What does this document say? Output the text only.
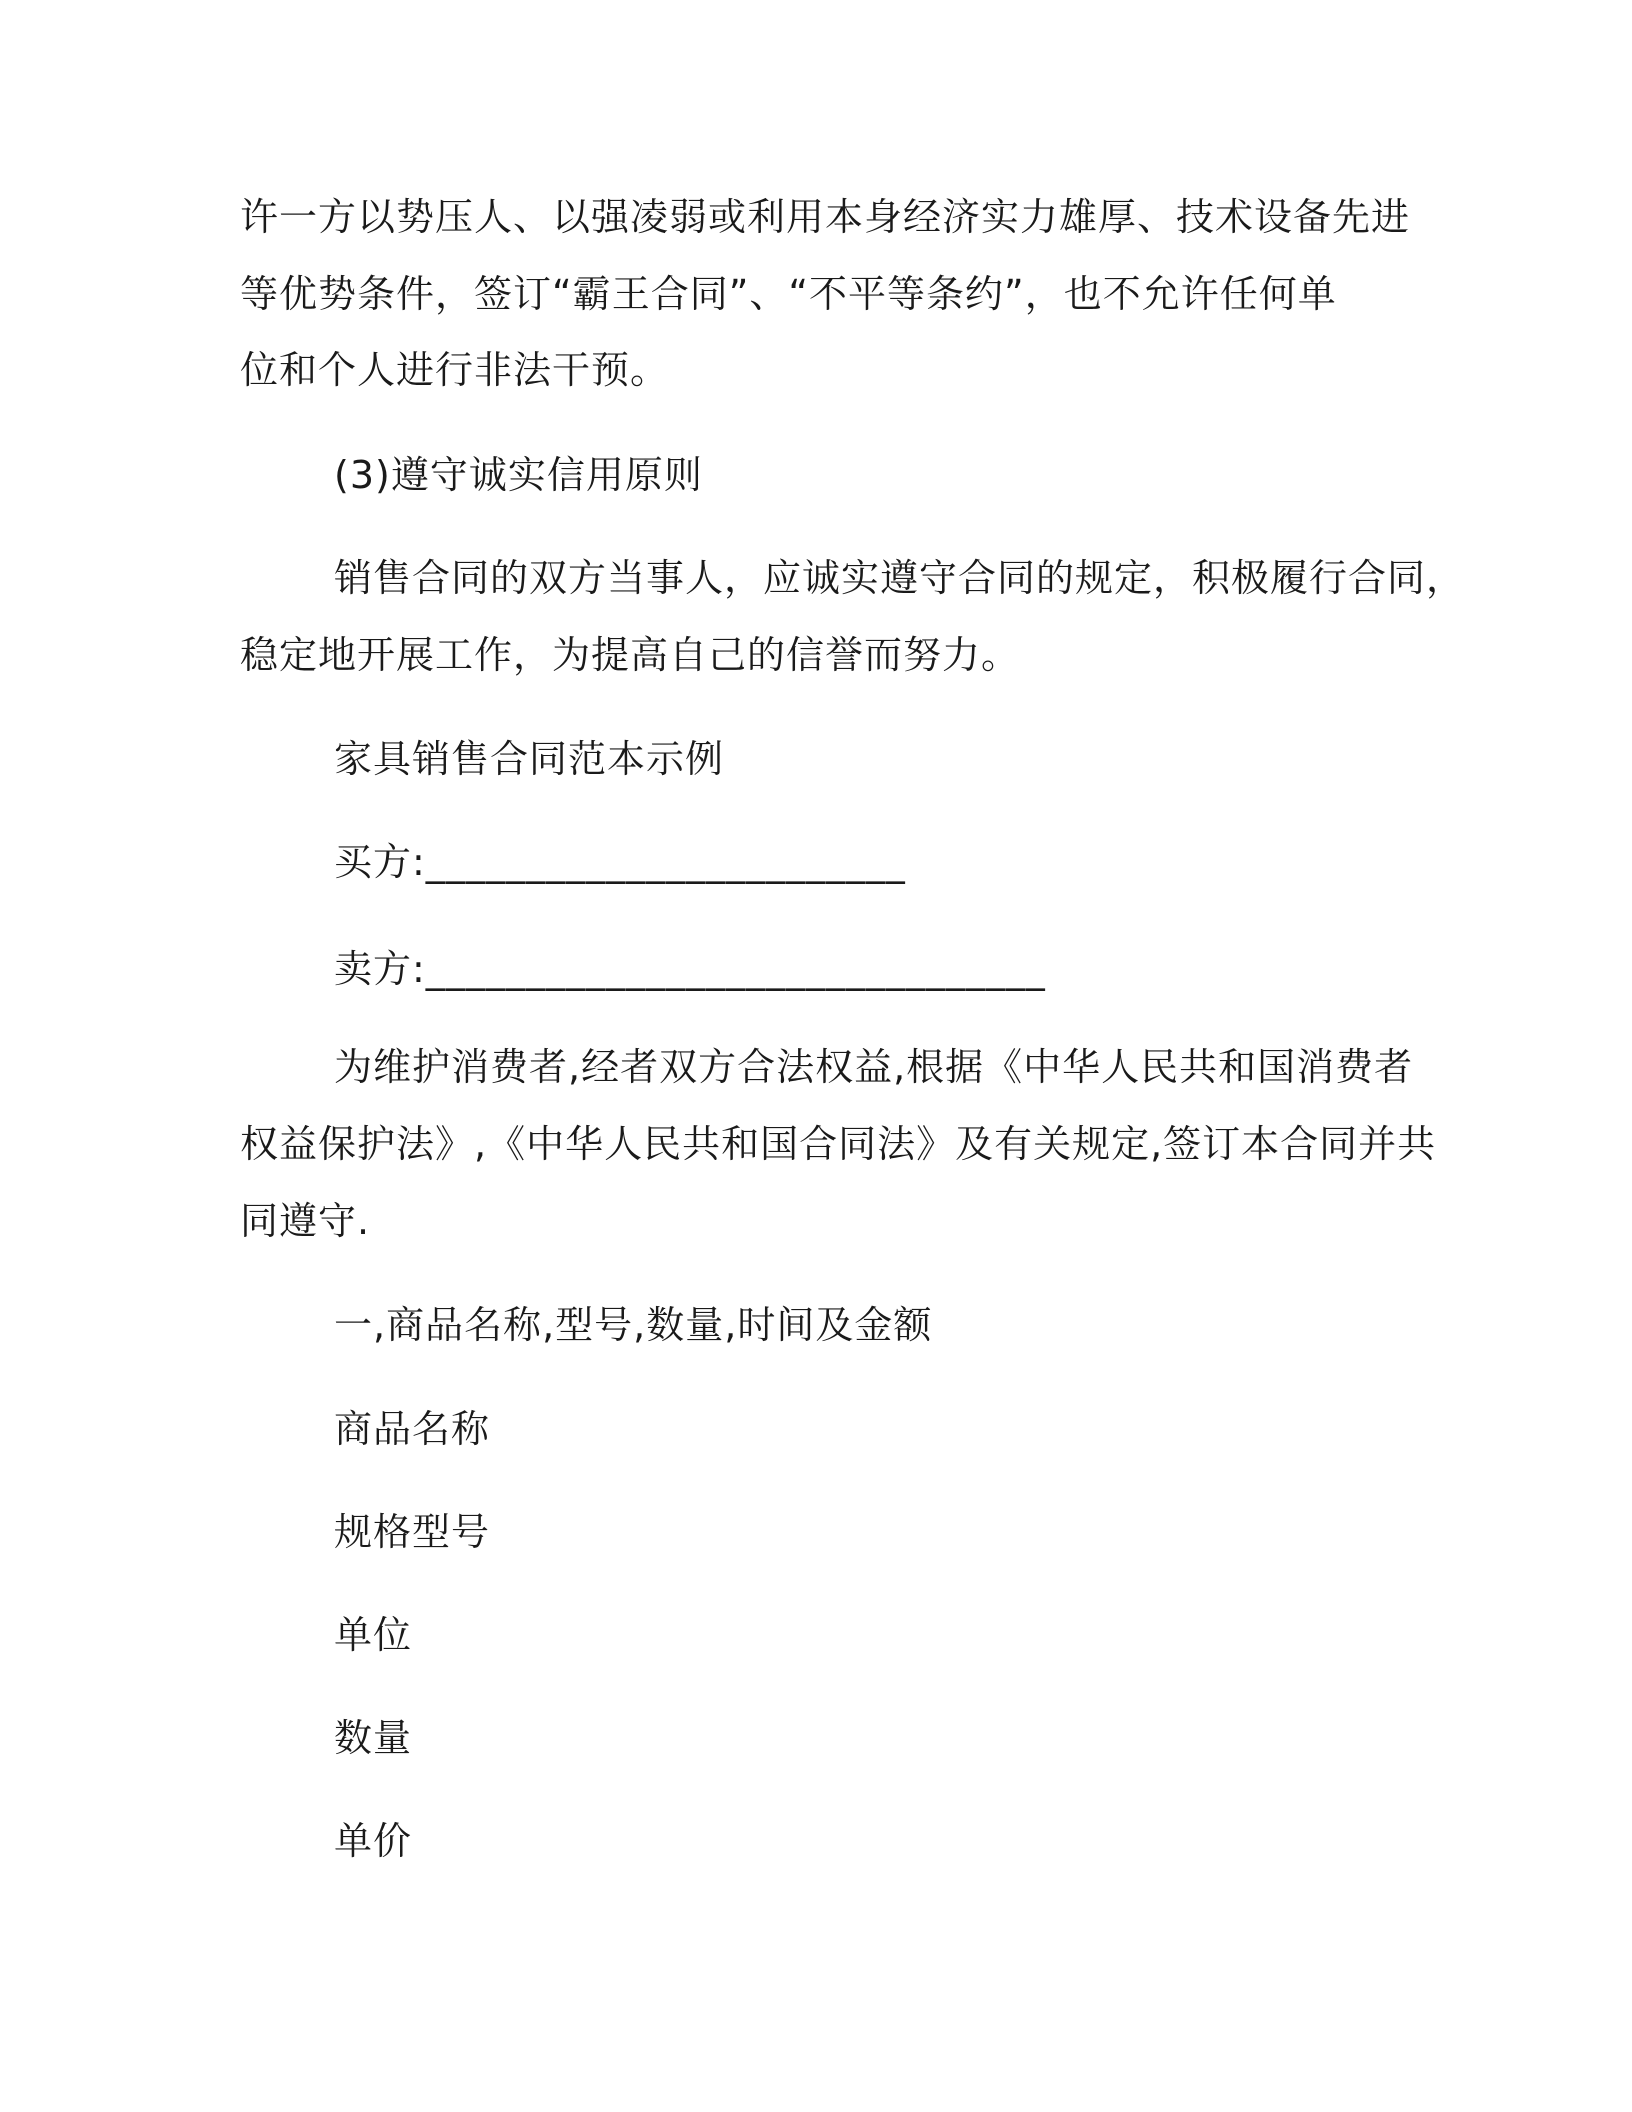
许一方以势压人、以强凌弱或利用本身经济实力雄厚、技术设备先进
等优势条件，签订“霸王合同”、“不平等条约”，也不允许任何单
位和个人进行非法干预。
(3)遵守诚实信用原则
销售合同的双方当事人，应诚实遵守合同的规定，积极履行合同，
稳定地开展工作，为提高自己的信誉而努力。
家具销售合同范本示例
买方:________________________
卖方:_______________________________
为维护消费者,经者双方合法权益,根据《中华人民共和国消费者
权益保护法》,《中华人民共和国合同法》及有关规定,签订本合同并共
同遵守.
一,商品名称,型号,数量,时间及金额
商品名称
规格型号
单位
数量
单价
